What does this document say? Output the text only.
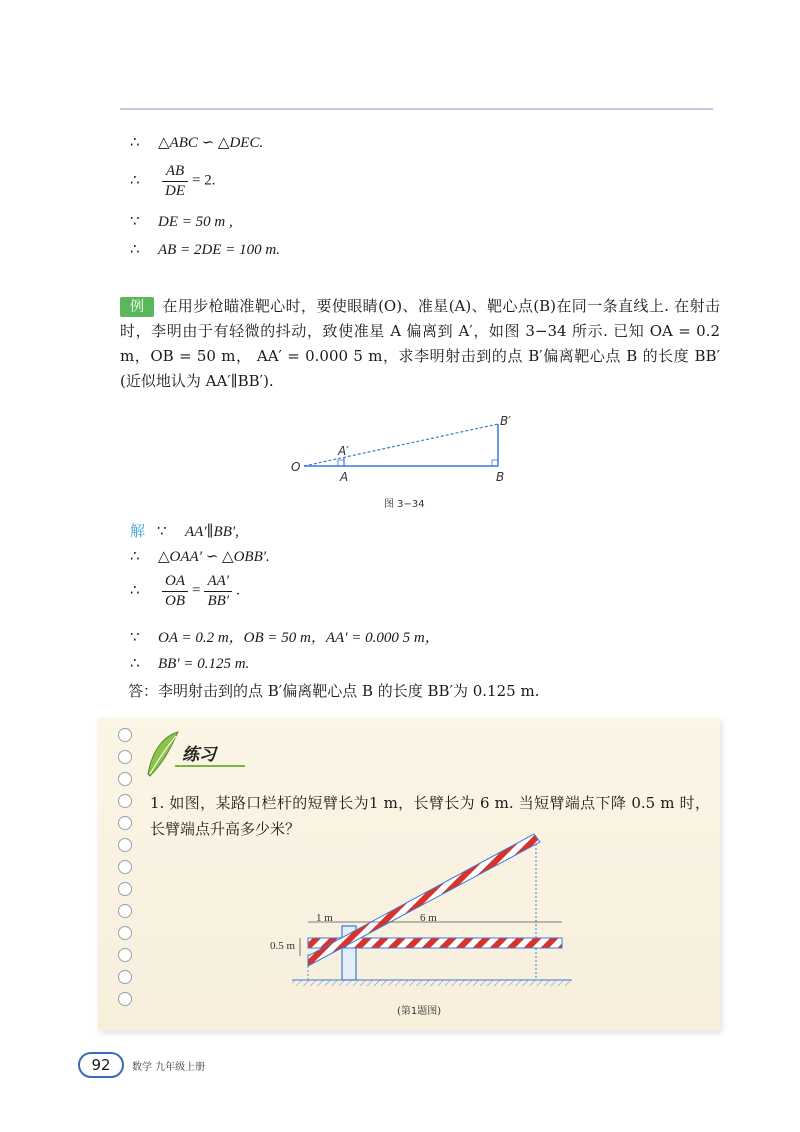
∴ △ABC ∽ △DEC.
∴ $\frac{AB}{DE} = 2$.
∵ DE = 50 m ,
∴ AB = 2DE = 100 m.
例 在用步枪瞄准靶心时，要使眼睛(O)、准星(A)、靶心点(B)在同一条直线上. 在射击时，李明由于有轻微的抖动，致使准星 A 偏离到 A′，如图 3−34 所示. 已知 OA = 0.2 m，OB = 50 m， AA′ = 0.000 5 m，求李明射击到的点 B′偏离靶心点 B 的长度 BB′(近似地认为 AA′∥BB′).
O
A
A′
B
B′
图 3−34
解 ∵ AA′∥BB′,
∴ △OAA′ ∽ △OBB′.
∴ $\frac{OA}{OB} = \frac{AA'}{BB'}$ .
∵ OA = 0.2 m，OB = 50 m，AA′ = 0.000 5 m，
∴ BB′ = 0.125 m.
答：李明射击到的点 B′偏离靶心点 B 的长度 BB′为 0.125 m.
练习
1. 如图，某路口栏杆的短臂长为1 m，长臂长为 6 m. 当短臂端点下降 0.5 m 时，长臂端点升高多少米？
1 m	6 m
0.5 m
(第1题图)
92	数学 九年级上册
